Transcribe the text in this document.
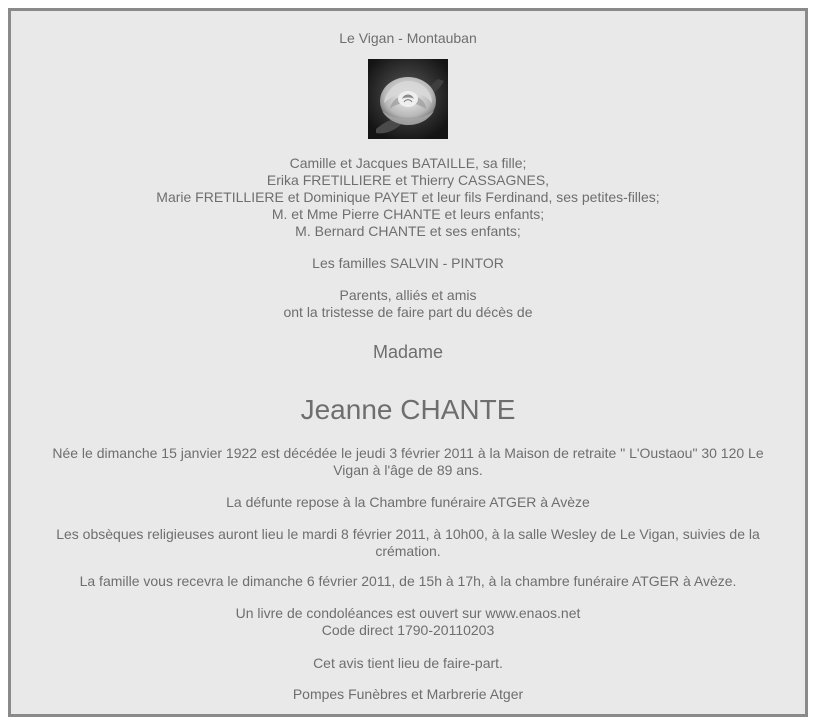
Le Vigan - Montauban
Camille et Jacques BATAILLE, sa fille;
Erika FRETILLIERE et Thierry CASSAGNES,
Marie FRETILLIERE et Dominique PAYET et leur fils Ferdinand, ses petites-filles;
M. et Mme Pierre CHANTE et leurs enfants;
M. Bernard CHANTE et ses enfants;
Les familles SALVIN - PINTOR
Parents, alliés et amis
ont la tristesse de faire part du décès de
Madame
Jeanne CHANTE
Née le dimanche 15 janvier 1922 est décédée le jeudi 3 février 2011 à la Maison de retraite " L'Oustaou" 30 120 Le Vigan à l'âge de 89 ans.
La défunte repose à la Chambre funéraire ATGER à Avèze
Les obsèques religieuses auront lieu le mardi 8 février 2011, à 10h00, à la salle Wesley de Le Vigan, suivies de la crémation.
La famille vous recevra le dimanche 6 février 2011, de 15h à 17h, à la chambre funéraire ATGER à Avèze.
Un livre de condoléances est ouvert sur www.enaos.net
Code direct 1790-20110203
Cet avis tient lieu de faire-part.
Pompes Funèbres et Marbrerie Atger
